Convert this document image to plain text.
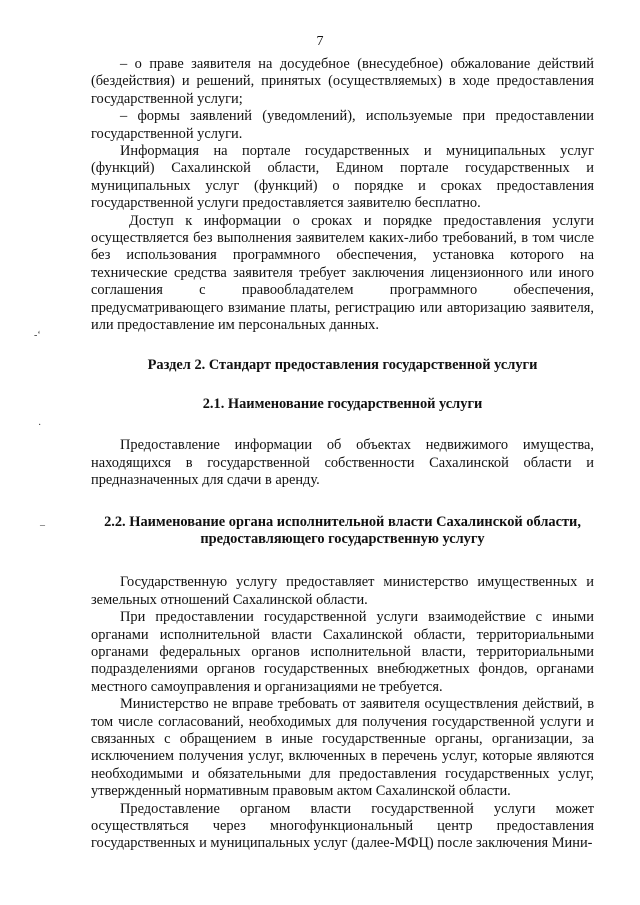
7
-‘
·
–

– о праве заявителя на досудебное (внесудебное) обжалование действий (бездействия) и решений, принятых (осуществляемых) в ходе предоставления государственной услуги;

– формы заявлений (уведомлений), используемые при предоставлении государственной услуги.

Информация на портале государственных и муниципальных услуг (функций) Сахалинской области, Едином портале государственных и муниципальных услуг (функций) о порядке и сроках предоставления государственной услуги предоставляется заявителю бесплатно.

Доступ к информации о сроках и порядке предоставления услуги осуществляется без выполнения заявителем каких-либо требований, в том числе без использования программного обеспечения, установка которого на технические средства заявителя требует заключения лицензионного или иного соглашения с правообладателем программного обеспечения, предусматривающего взимание платы, регистрацию или авторизацию заявителя, или предоставление им персональных данных.

Раздел 2. Стандарт предоставления государственной услуги
2.1. Наименование государственной услуги

Предоставление информации об объектах недвижимого имущества, находящихся в государственной собственности Сахалинской области и предназначенных для сдачи в аренду.

2.2. Наименование органа исполнительной власти Сахалинской области, предоставляющего государственную услугу

Государственную услугу предоставляет министерство имущественных и земельных отношений Сахалинской области.

При предоставлении государственной услуги взаимодействие с иными органами исполнительной власти Сахалинской области, территориальными органами федеральных органов исполнительной власти, территориальными подразделениями органов государственных внебюджетных фондов, органами местного самоуправления и организациями не требуется.

Министерство не вправе требовать от заявителя осуществления действий, в том числе согласований, необходимых для получения государственной услуги и связанных с обращением в иные государственные органы, организации, за исключением получения услуг, включенных в перечень услуг, которые являются необходимыми и обязательными для предоставления государственных услуг, утвержденный нормативным правовым актом Сахалинской области.

Предоставление органом власти государственной услуги может осуществляться через многофункциональный центр предоставления государственных и муниципальных услуг (далее-МФЦ) после заключения Мини-
